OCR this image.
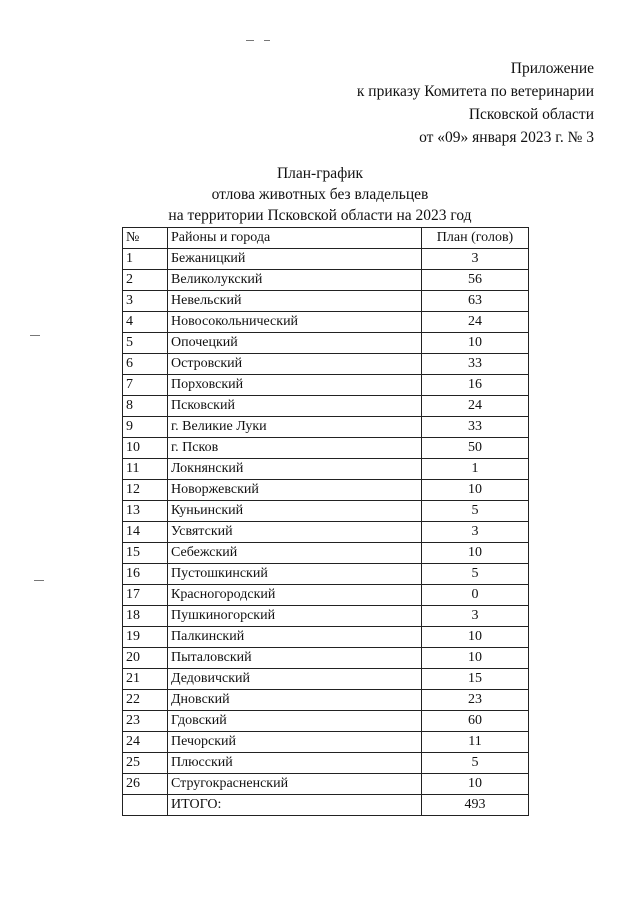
Приложение
к приказу Комитета по ветеринарии
Псковской области
от «09» января 2023 г. № 3
План-график
отлова животных без владельцев
на территории Псковской области на 2023 год
№	Районы и города	План (голов)
1	Бежаницкий	3
2	Великолукский	56
3	Невельский	63
4	Новосокольнический	24
5	Опочецкий	10
6	Островский	33
7	Порховский	16
8	Псковский	24
9	г. Великие Луки	33
10	г. Псков	50
11	Локнянский	1
12	Новоржевский	10
13	Куньинский	5
14	Усвятский	3
15	Себежский	10
16	Пустошкинский	5
17	Красногородский	0
18	Пушкиногорский	3
19	Палкинский	10
20	Пыталовский	10
21	Дедовичский	15
22	Дновский	23
23	Гдовский	60
24	Печорский	11
25	Плюсский	5
26	Стругокрасненский	10
	ИТОГО:	493
